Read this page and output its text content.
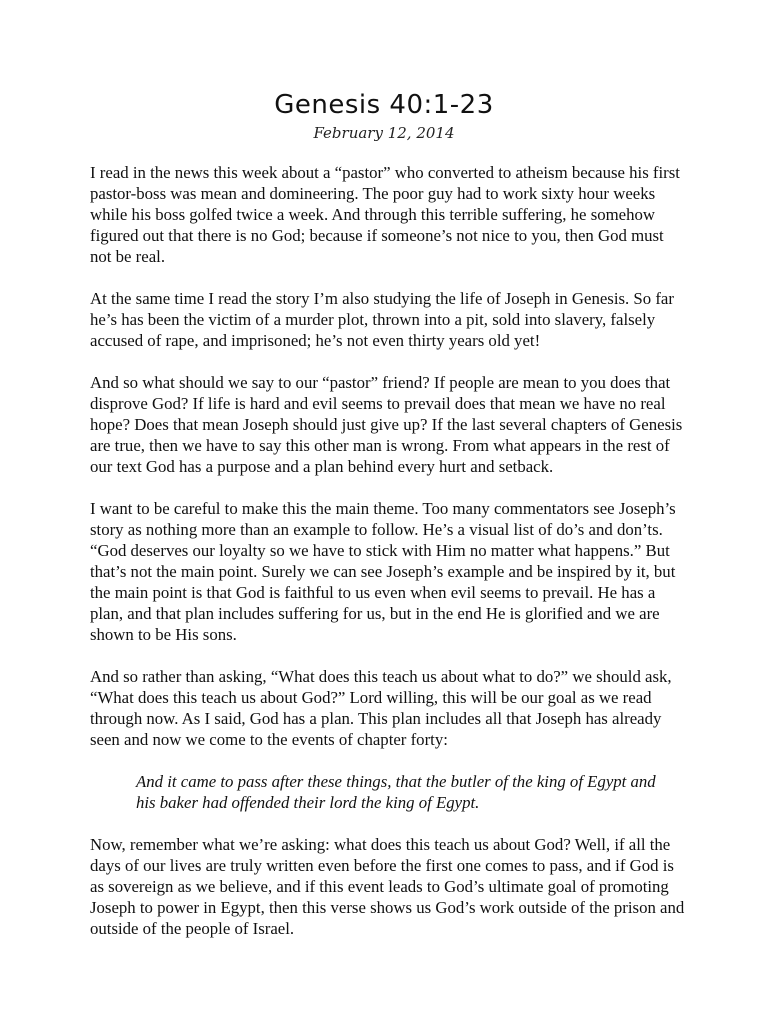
Genesis 40:1-23
February 12, 2014

I read in the news this week about a “pastor” who converted to atheism because his first pastor-boss was mean and domineering. The poor guy had to work sixty hour weeks while his boss golfed twice a week. And through this terrible suffering, he somehow figured out that there is no God; because if someone’s not nice to you, then God must not be real.

At the same time I read the story I’m also studying the life of Joseph in Genesis. So far he’s has been the victim of a murder plot, thrown into a pit, sold into slavery, falsely accused of rape, and imprisoned; he’s not even thirty years old yet!

And so what should we say to our “pastor” friend? If people are mean to you does that disprove God? If life is hard and evil seems to prevail does that mean we have no real hope? Does that mean Joseph should just give up? If the last several chapters of Genesis are true, then we have to say this other man is wrong. From what appears in the rest of our text God has a purpose and a plan behind every hurt and setback.

I want to be careful to make this the main theme. Too many commentators see Joseph’s story as nothing more than an example to follow. He’s a visual list of do’s and don’ts. “God deserves our loyalty so we have to stick with Him no matter what happens.” But that’s not the main point. Surely we can see Joseph’s example and be inspired by it, but the main point is that God is faithful to us even when evil seems to prevail. He has a plan, and that plan includes suffering for us, but in the end He is glorified and we are shown to be His sons.

And so rather than asking, “What does this teach us about what to do?” we should ask, “What does this teach us about God?” Lord willing, this will be our goal as we read through now. As I said, God has a plan. This plan includes all that Joseph has already seen and now we come to the events of chapter forty:

And it came to pass after these things, that the butler of the king of Egypt and his baker had offended their lord the king of Egypt.

Now, remember what we’re asking: what does this teach us about God? Well, if all the days of our lives are truly written even before the first one comes to pass, and if God is as sovereign as we believe, and if this event leads to God’s ultimate goal of promoting Joseph to power in Egypt, then this verse shows us God’s work outside of the prison and outside of the people of Israel.
